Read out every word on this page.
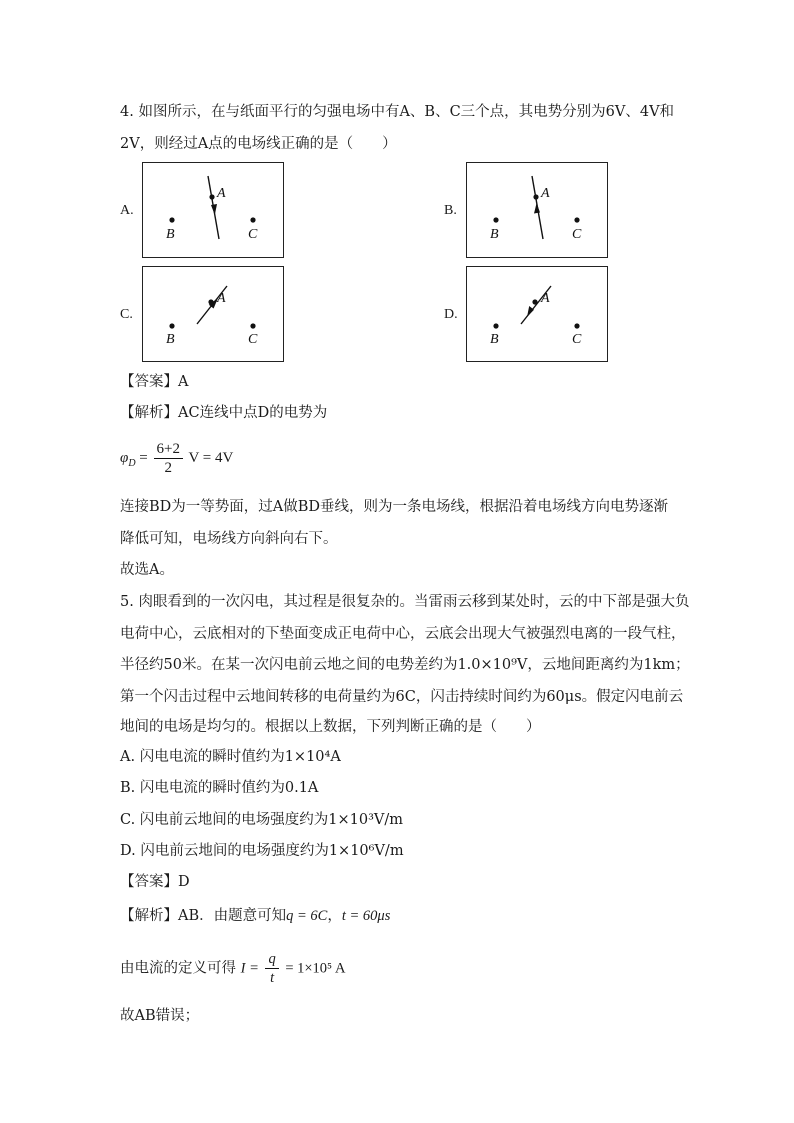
4. 如图所示，在与纸面平行的匀强电场中有A、B、C三个点，其电势分别为6V、4V和
2V，则经过A点的电场线正确的是（　　）
A.
A
B	C
B.
A
B	C
C.
A
B	C
D.
A
B	C
【答案】A
【解析】AC连线中点D的电势为
$\varphi_D = \frac{6+2}{2}$ V = 4V
连接BD为一等势面，过A做BD垂线，则为一条电场线，根据沿着电场线方向电势逐渐
降低可知，电场线方向斜向右下。
故选A。
5. 肉眼看到的一次闪电，其过程是很复杂的。当雷雨云移到某处时，云的中下部是强大负
电荷中心，云底相对的下垫面变成正电荷中心，云底会出现大气被强烈电离的一段气柱，
半径约50米。在某一次闪电前云地之间的电势差约为1.0×10⁹V，云地间距离约为1km；
第一个闪击过程中云地间转移的电荷量约为6C，闪击持续时间约为60μs。假定闪电前云
地间的电场是均匀的。根据以上数据，下列判断正确的是（　　）
A. 闪电电流的瞬时值约为1×10⁴A
B. 闪电电流的瞬时值约为0.1A
C. 闪电前云地间的电场强度约为1×10³V/m
D. 闪电前云地间的电场强度约为1×10⁶V/m
【答案】D
【解析】AB．由题意可知q = 6C，t = 60μs
由电流的定义可得 $I = \frac{q}{t} = 1\times 10^5$ A
故AB错误；
